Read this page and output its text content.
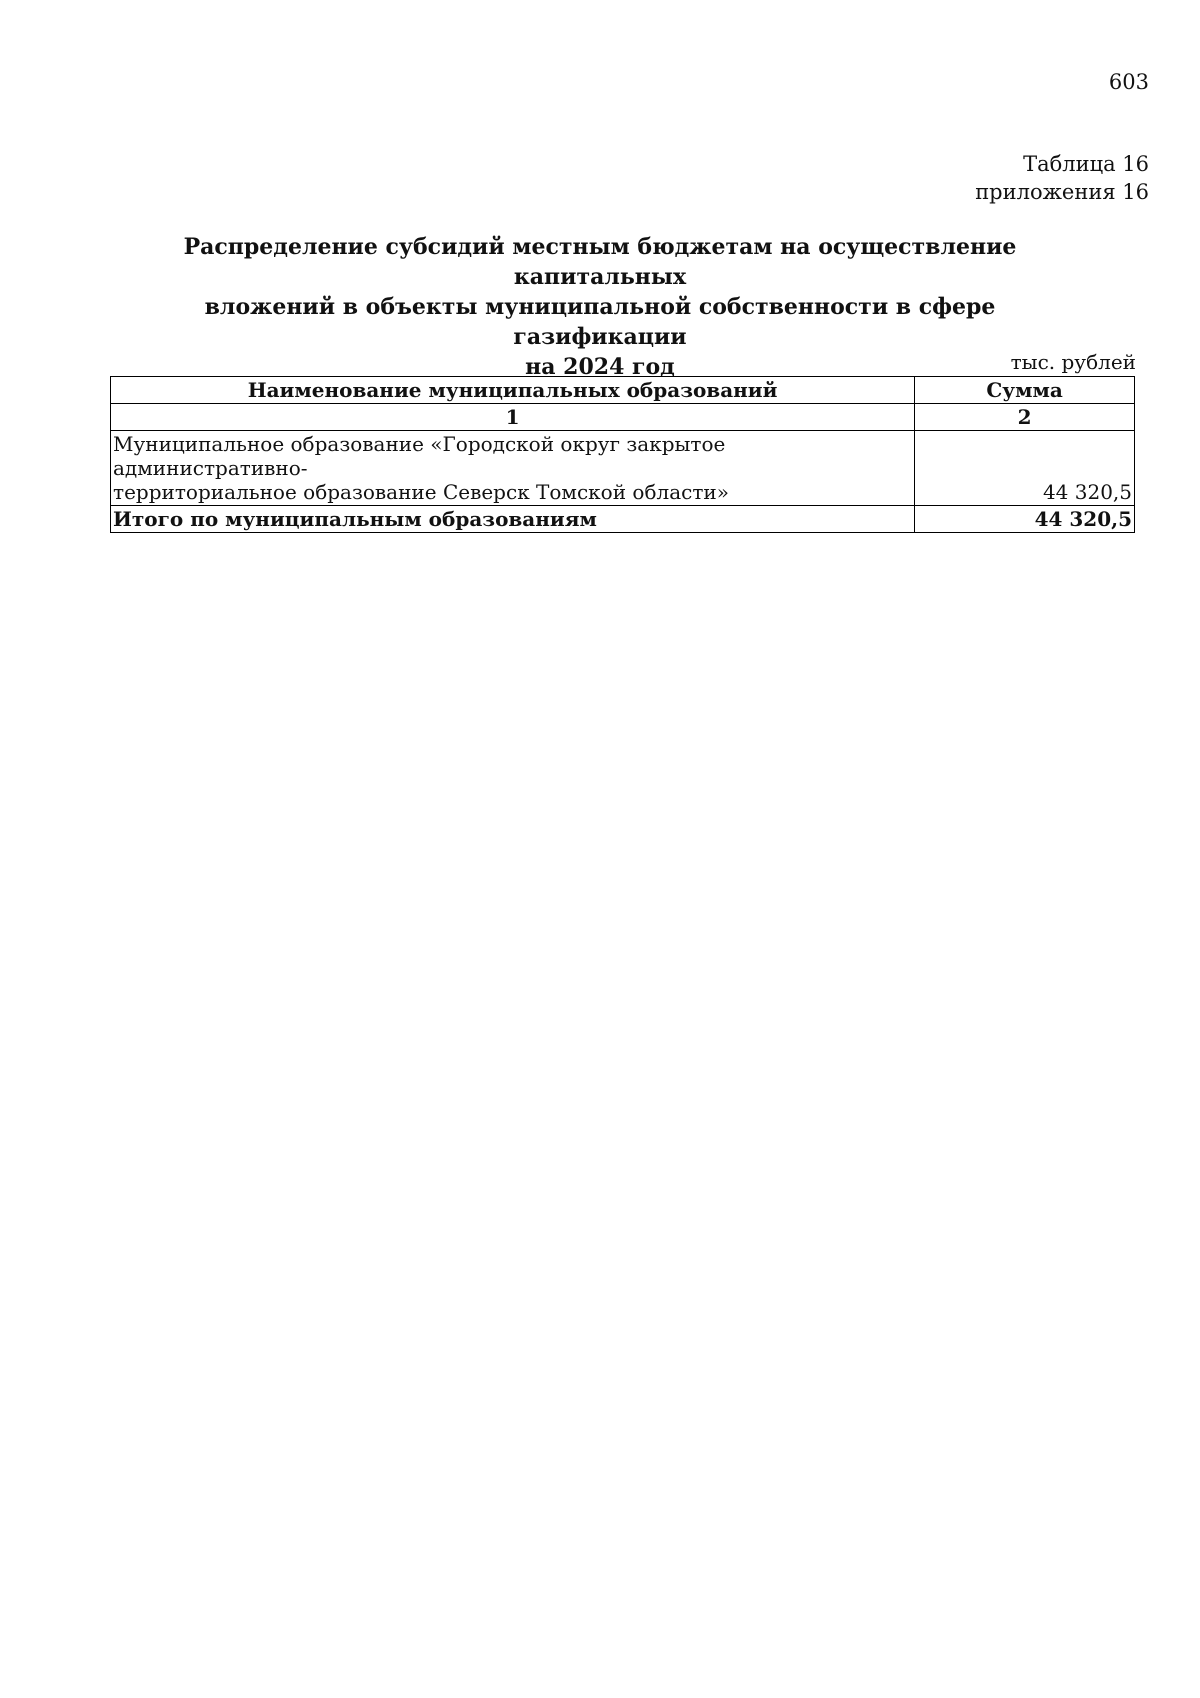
603
Таблица 16
приложения 16
Распределение субсидий местным бюджетам на осуществление капитальных
вложений в объекты муниципальной собственности в сфере газификации
на 2024 год	тыс. рублей
Наименование муниципальных образований	Сумма
1	2

Муниципальное образование «Городской округ закрытое административно-
территориальное образование Северск Томской области»	44 320,5
Итого по муниципальным образованиям	44 320,5
